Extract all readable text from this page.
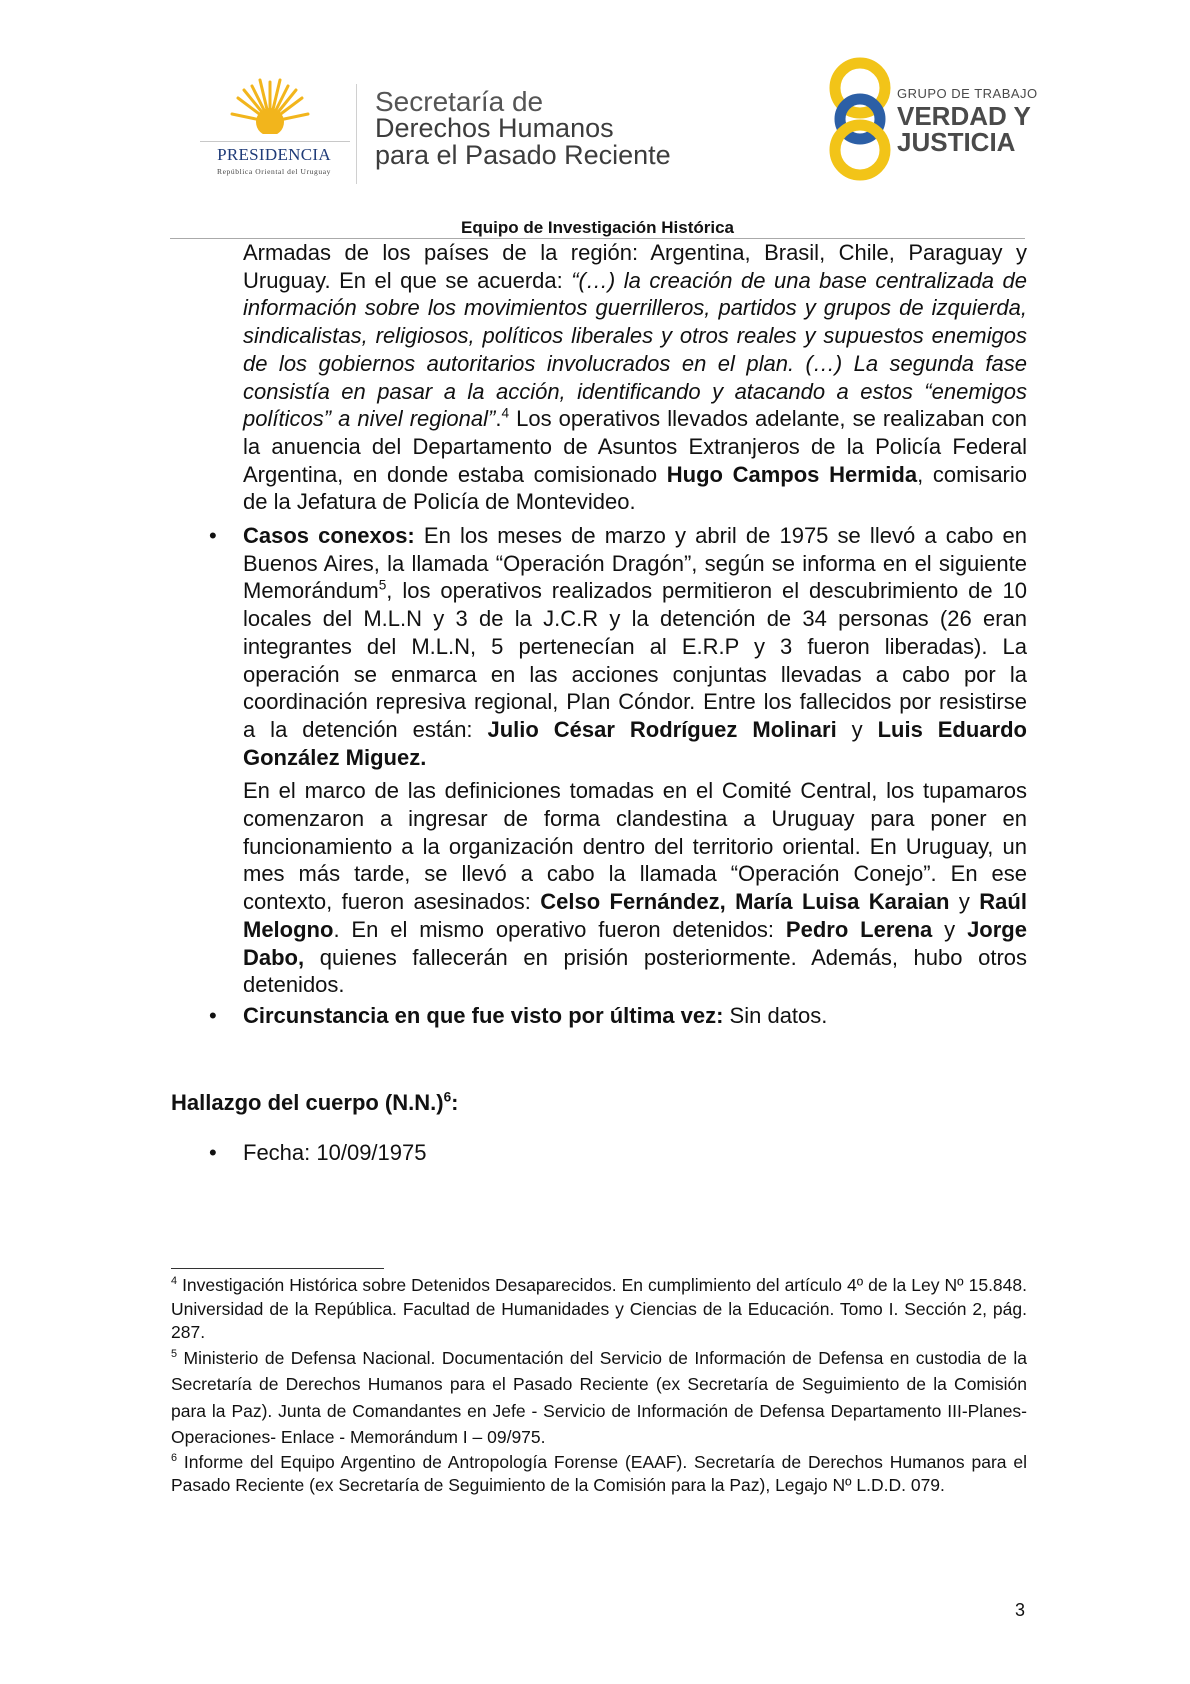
PRESIDENCIA
República Oriental del Uruguay
Secretaría de
Derechos Humanos
para el Pasado Reciente
GRUPO DE TRABAJO
VERDAD Y
JUSTICIA
Equipo de Investigación Histórica

Armadas de los países de la región: Argentina, Brasil, Chile, Paraguay y Uruguay. En el que se acuerda: “(…) la creación de una base centralizada de información sobre los movimientos guerrilleros, partidos y grupos de izquierda, sindicalistas, religiosos, políticos liberales y otros reales y supuestos enemigos de los gobiernos autoritarios involucrados en el plan. (…) La segunda fase consistía en pasar a la acción, identificando y atacando a estos “enemigos políticos” a nivel regional”.$^4$ Los operativos llevados adelante, se realizaban con la anuencia del Departamento de Asuntos Extranjeros de la Policía Federal Argentina, en donde estaba comisionado Hugo Campos Hermida, comisario de la Jefatura de Policía de Montevideo.

• Casos conexos: En los meses de marzo y abril de 1975 se llevó a cabo en Buenos Aires, la llamada “Operación Dragón”, según se informa en el siguiente Memorándum$^5$, los operativos realizados permitieron el descubrimiento de 10 locales del M.L.N y 3 de la J.C.R y la detención de 34 personas (26 eran integrantes del M.L.N, 5 pertenecían al E.R.P y 3 fueron liberadas). La operación se enmarca en las acciones conjuntas llevadas a cabo por la coordinación represiva regional, Plan Cóndor. Entre los fallecidos por resistirse a la detención están: Julio César Rodríguez Molinari y Luis Eduardo González Miguez.

En el marco de las definiciones tomadas en el Comité Central, los tupamaros comenzaron a ingresar de forma clandestina a Uruguay para poner en funcionamiento a la organización dentro del territorio oriental. En Uruguay, un mes más tarde, se llevó a cabo la llamada “Operación Conejo”. En ese contexto, fueron asesinados: Celso Fernández, María Luisa Karaian y Raúl Melogno. En el mismo operativo fueron detenidos: Pedro Lerena y Jorge Dabo, quienes fallecerán en prisión posteriormente. Además, hubo otros detenidos.

• Circunstancia en que fue visto por última vez: Sin datos.

Hallazgo del cuerpo $(N.N.)^6$:
• Fecha: 10/09/1975

$^4$ Investigación Histórica sobre Detenidos Desaparecidos. En cumplimiento del artículo 4º de la Ley Nº 15.848. Universidad de la República. Facultad de Humanidades y Ciencias de la Educación. Tomo I. Sección 2, pág. 287.

$^5$ Ministerio de Defensa Nacional. Documentación del Servicio de Información de Defensa en custodia de la Secretaría de Derechos Humanos para el Pasado Reciente (ex Secretaría de Seguimiento de la Comisión para la Paz). Junta de Comandantes en Jefe - Servicio de Información de Defensa Departamento III-Planes- Operaciones- Enlace - Memorándum I – 09/975.

$^6$ Informe del Equipo Argentino de Antropología Forense (EAAF). Secretaría de Derechos Humanos para el Pasado Reciente (ex Secretaría de Seguimiento de la Comisión para la Paz), Legajo Nº L.D.D. 079.

3
